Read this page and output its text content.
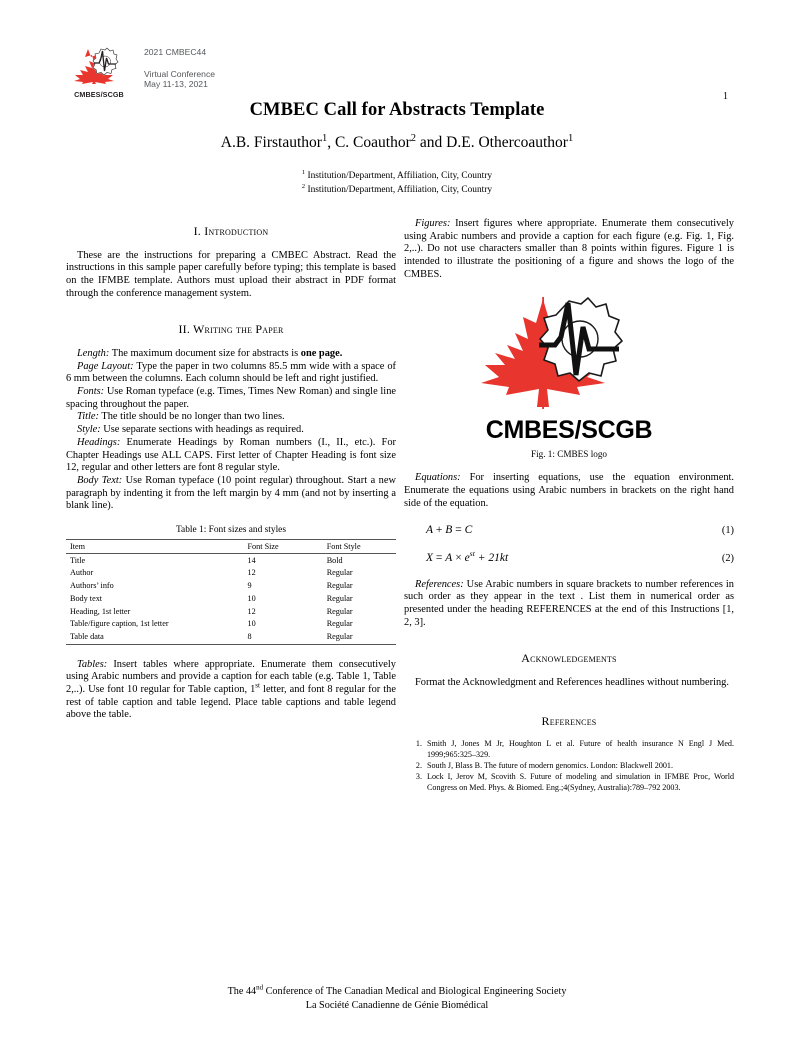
CMBES/SCGB
2021 CMBEC44
Virtual Conference
May 11-13, 2021
1
CMBEC Call for Abstracts Template
A.B. Firstauthor$^1$, C. Coauthor$^2$ and D.E. Othercoauthor$^1$
$^1$ Institution/Department, Affiliation, City, Country
$^2$ Institution/Department, Affiliation, City, Country
I. Introduction

These are the instructions for preparing a CMBEC Abstract. Read the instructions in this sample paper carefully before typing; this template is based on the IFMBE template. Authors must upload their abstract in PDF format through the conference management system.

II. Writing the Paper

Length: The maximum document size for abstracts is one page.

Page Layout: Type the paper in two columns 85.5 mm wide with a space of 6 mm between the columns. Each column should be left and right justified.

Fonts: Use Roman typeface (e.g. Times, Times New Roman) and single line spacing throughout the paper.

Title: The title should be no longer than two lines.

Style: Use separate sections with headings as required.

Headings: Enumerate Headings by Roman numbers (I., II., etc.). For Chapter Headings use ALL CAPS. First letter of Chapter Heading is font size 12, regular and other letters are font 8 regular style.

Body Text: Use Roman typeface (10 point regular) throughout. Start a new paragraph by indenting it from the left margin by 4 mm (and not by inserting a blank line).

Table 1: Font sizes and styles
Item	Font Size	Font Style
Title	14	Bold
Author	12	Regular
Authors’ info	9	Regular
Body text	10	Regular
Heading, 1st letter	12	Regular
Table/figure caption, 1st letter	10	Regular
Table data	8	Regular

Tables: Insert tables where appropriate. Enumerate them consecutively using Arabic numbers and provide a caption for each table (e.g. Table 1, Table 2,..). Use font 10 regular for Table caption, 1st letter, and font 8 regular for the rest of table caption and table legend. Place table captions and table legend above the table.

Figures: Insert figures where appropriate. Enumerate them consecutively using Arabic numbers and provide a caption for each figure (e.g. Fig. 1, Fig. 2,..). Do not use characters smaller than 8 points within figures. Figure 1 is intended to illustrate the positioning of a figure and shows the logo of the CMBES.

CMBES/SCGB
Fig. 1: CMBES logo

Equations: For inserting equations, use the equation environment. Enumerate the equations using Arabic numbers in brackets on the right hand side of the equation.

A + B = C	(1)
$X = A \times e^{st} + 21kt$	(2)

References: Use Arabic numbers in square brackets to number references in such order as they appear in the text . List them in numerical order as presented under the heading REFERENCES at the end of this Instructions [1, 2, 3].

Acknowledgements

Format the Acknowledgment and References headlines without numbering.

References
1. Smith J, Jones M Jr, Houghton L et al. Future of health insurance N Engl J Med. 1999;965:325–329.
2. South J, Blass B. The future of modern genomics. London: Blackwell 2001.
3. Lock I, Jerov M, Scovith S. Future of modeling and simulation in IFMBE Proc, World Congress on Med. Phys. & Biomed. Eng.;4(Sydney, Australia):789–792 2003.
The 44nd Conference of The Canadian Medical and Biological Engineering Society
La Société Canadienne de Génie Biomédical
